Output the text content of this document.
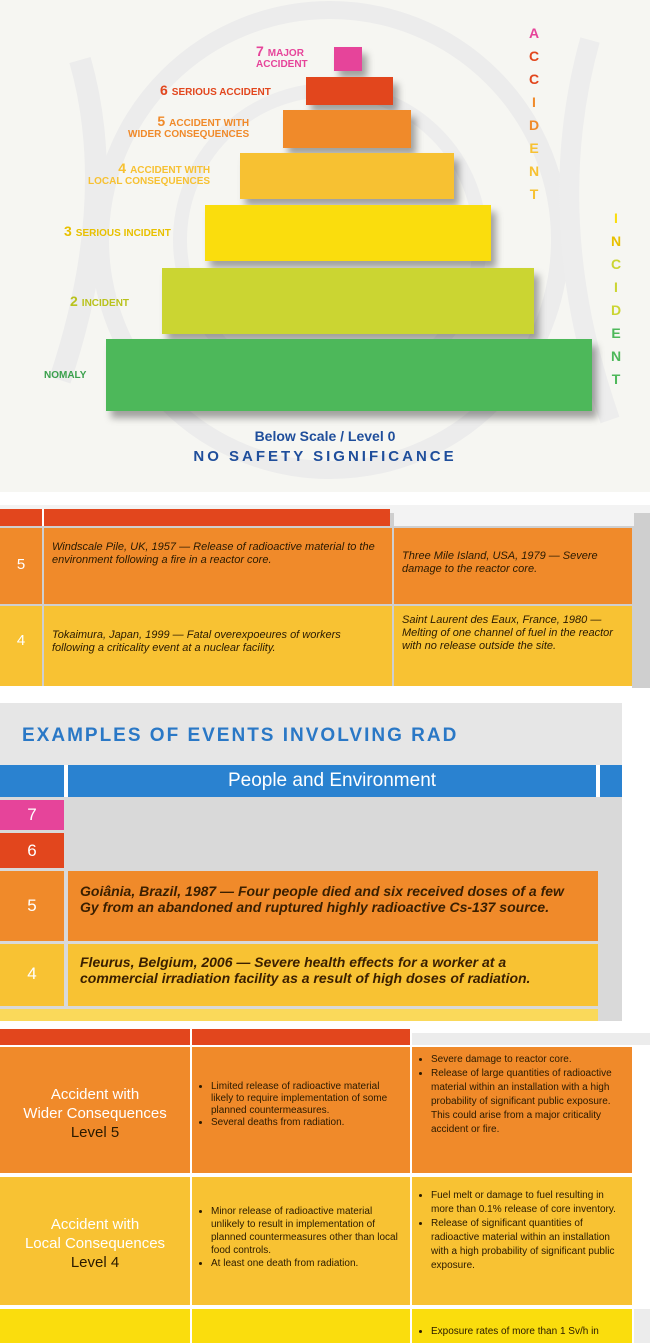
7 MAJOR
ACCIDENT
6 SERIOUS ACCIDENT
5 ACCIDENT WITH
WIDER CONSEQUENCES
4 ACCIDENT WITH
LOCAL CONSEQUENCES
3 SERIOUS INCIDENT
2 INCIDENT
NOMALY
A
C
C
I
D
E
N
T
I
N
C
I
D
E
N
T
Below Scale / Level 0
NO SAFETY SIGNIFICANCE
5
Windscale Pile, UK, 1957 — Release of radioactive material to the environment following a fire in a reactor core.	Three Mile Island, USA, 1979 — Severe damage to the reactor core.
4	Tokaimura, Japan, 1999 — Fatal overexpoeures of workers following a criticality event at a nuclear facility.
Saint Laurent des Eaux, France, 1980 — Melting of one channel of fuel in the reactor with no release outside the site.
EXAMPLES OF EVENTS INVOLVING RAD
People and Environment
7
6
5
Goiânia, Brazil, 1987 — Four people died and six received doses of a few Gy from an abandoned and ruptured highly radioactive Cs-137 source.
4
Fleurus, Belgium, 2006 — Severe health effects for a worker at a commercial irradiation facility as a result of high doses of radiation.
Accident with
Wider Consequences
Level 5
• Limited release of radioactive material likely to require implementation of some planned countermeasures.
• Several deaths from radiation.
• Severe damage to reactor core.
• Release of large quantities of radioactive material within an installation with a high probability of significant public exposure. This could arise from a major criticality accident or fire.
Accident with
Local Consequences
Level 4
• Minor release of radioactive material unlikely to result in implementation of planned countermeasures other than local food controls.
• At least one death from radiation.
• Fuel melt or damage to fuel resulting in more than 0.1% release of core inventory.
• Release of significant quantities of radioactive material within an installation with a high probability of significant public exposure.
• Exposure rates of more than 1 Sv/h in
